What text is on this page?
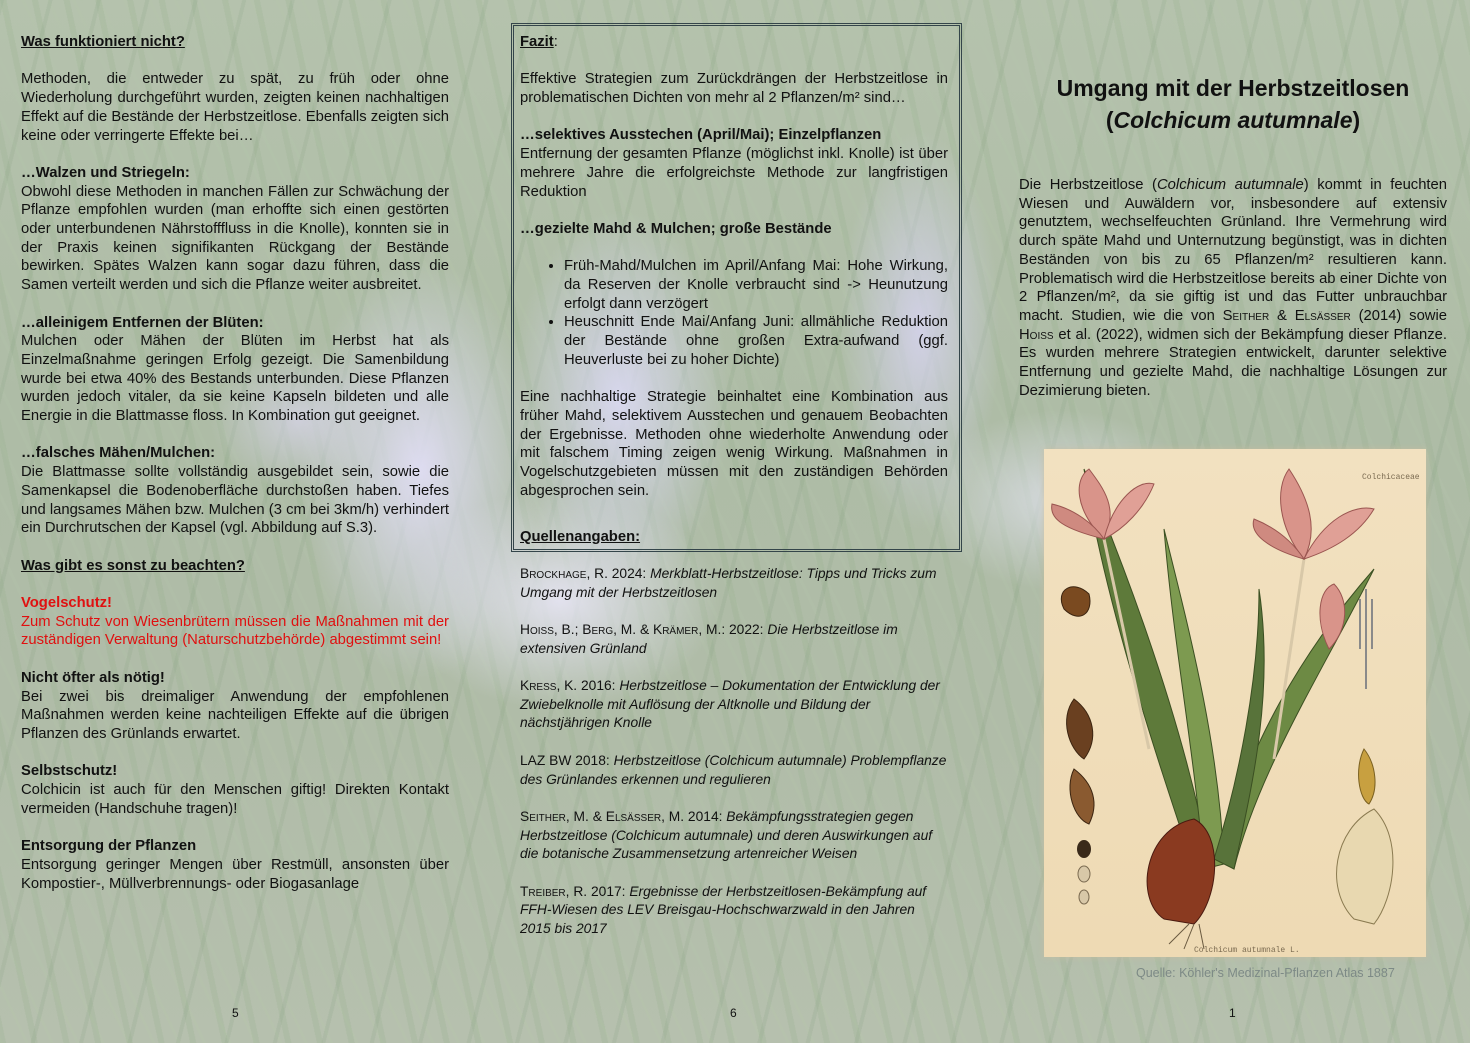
Was funktioniert nicht?

Methoden, die entweder zu spät, zu früh oder ohne Wiederholung durchgeführt wurden, zeigten keinen nachhaltigen Effekt auf die Bestände der Herbstzeitlose. Ebenfalls zeigten sich keine oder verringerte Effekte bei…

…Walzen und Striegeln:
Obwohl diese Methoden in manchen Fällen zur Schwächung der Pflanze empfohlen wurden (man erhoffte sich einen gestörten oder unterbundenen Nährstofffluss in die Knolle), konnten sie in der Praxis keinen signifikanten Rückgang der Bestände bewirken. Spätes Walzen kann sogar dazu führen, dass die Samen verteilt werden und sich die Pflanze weiter ausbreitet.

…alleinigem Entfernen der Blüten:
Mulchen oder Mähen der Blüten im Herbst hat als Einzelmaßnahme geringen Erfolg gezeigt. Die Samenbildung wurde bei etwa 40% des Bestands unterbunden. Diese Pflanzen wurden jedoch vitaler, da sie keine Kapseln bildeten und alle Energie in die Blattmasse floss. In Kombination gut geeignet.

…falsches Mähen/Mulchen:
Die Blattmasse sollte vollständig ausgebildet sein, sowie die Samenkapsel die Bodenoberfläche durchstoßen haben. Tiefes und langsames Mähen bzw. Mulchen (3 cm bei 3km/h) verhindert ein Durchrutschen der Kapsel (vgl. Abbildung auf S.3).

Was gibt es sonst zu beachten?

Vogelschutz!
Zum Schutz von Wiesenbrütern müssen die Maßnahmen mit der zuständigen Verwaltung (Naturschutzbehörde) abgestimmt sein!

Nicht öfter als nötig!
Bei zwei bis dreimaliger Anwendung der empfohlenen Maßnahmen werden keine nachteiligen Effekte auf die übrigen Pflanzen des Grünlands erwartet.

Selbstschutz!
Colchicin ist auch für den Menschen giftig! Direkten Kontakt vermeiden (Handschuhe tragen)!

Entsorgung der Pflanzen
Entsorgung geringer Mengen über Restmüll, ansonsten über Kompostier-, Müllverbrennungs- oder Biogasanlage

5

Fazit:

Effektive Strategien zum Zurückdrängen der Herbstzeitlose in problematischen Dichten von mehr al 2 Pflanzen/m² sind…

…selektives Ausstechen (April/Mai); Einzelpflanzen
Entfernung der gesamten Pflanze (möglichst inkl. Knolle) ist über mehrere Jahre die erfolgreichste Methode zur langfristigen Reduktion

…gezielte Mahd & Mulchen; große Bestände

• Früh-Mahd/Mulchen im April/Anfang Mai: Hohe Wirkung, da Reserven der Knolle verbraucht sind -> Heunutzung erfolgt dann verzögert
• Heuschnitt Ende Mai/Anfang Juni: allmähliche Reduktion der Bestände ohne großen Extra-aufwand (ggf. Heuverluste bei zu hoher Dichte)

Eine nachhaltige Strategie beinhaltet eine Kombination aus früher Mahd, selektivem Ausstechen und genauem Beobachten der Ergebnisse. Methoden ohne wiederholte Anwendung oder mit falschem Timing zeigen wenig Wirkung. Maßnahmen in Vogelschutzgebieten müssen mit den zuständigen Behörden abgesprochen sein.

Quellenangaben:

Brockhage, R. 2024: Merkblatt-Herbstzeitlose: Tipps und Tricks zum Umgang mit der Herbstzeitlosen

Hoiß, B.; Berg, M. & Krämer, M.: 2022: Die Herbstzeitlose im extensiven Grünland

Kress, K. 2016: Herbstzeitlose – Dokumentation der Entwicklung der Zwiebelknolle mit Auflösung der Altknolle und Bildung der nächstjährigen Knolle

LAZ BW 2018: Herbstzeitlose (Colchicum autumnale) Problempflanze des Grünlandes erkennen und regulieren

Seither, M. & Elsäßer, M. 2014: Bekämpfungsstrategien gegen Herbstzeitlose (Colchicum autumnale) und deren Auswirkungen auf die botanische Zusammensetzung artenreicher Weisen

Treiber, R. 2017: Ergebnisse der Herbstzeitlosen-Bekämpfung auf FFH-Wiesen des LEV Breisgau-Hochschwarzwald in den Jahren 2015 bis 2017

6
Umgang mit der Herbstzeitlosen
(Colchicum autumnale)

Die Herbstzeitlose (Colchicum autumnale) kommt in feuchten Wiesen und Auwäldern vor, insbesondere auf extensiv genutztem, wechselfeuchten Grünland. Ihre Vermehrung wird durch späte Mahd und Unternutzung begünstigt, was in dichten Beständen von bis zu 65 Pflanzen/m² resultieren kann. Problematisch wird die Herbstzeitlose bereits ab einer Dichte von 2 Pflanzen/m², da sie giftig ist und das Futter unbrauchbar macht. Studien, wie die von Seither & Elsäßer (2014) sowie Hoiß et al. (2022), widmen sich der Bekämpfung dieser Pflanze. Es wurden mehrere Strategien entwickelt, darunter selektive Entfernung und gezielte Mahd, die nachhaltige Lösungen zur Dezimierung bieten.

Colchicaceae
Colchicum autumnale L.
Quelle: Köhler's Medizinal-Pflanzen Atlas 1887
1
